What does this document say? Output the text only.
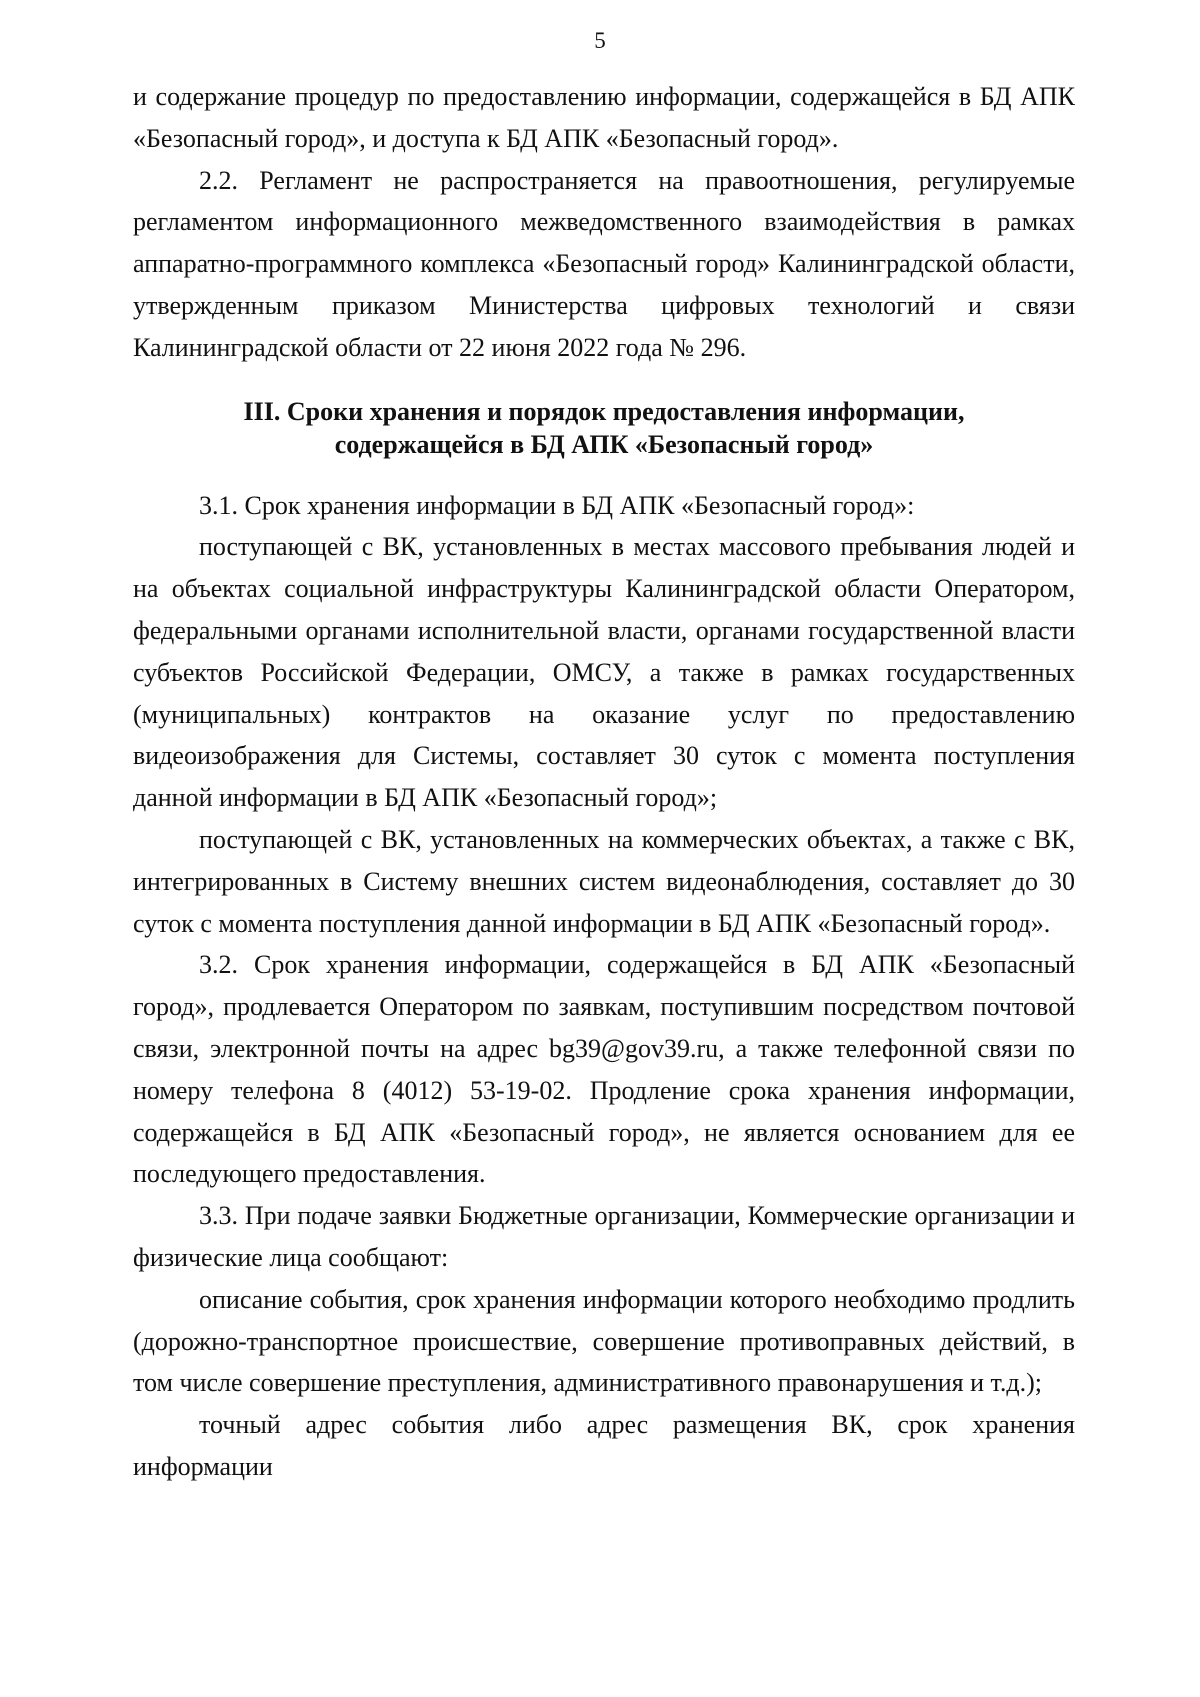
5

и содержание процедур по предоставлению информации, содержащейся в БД АПК «Безопасный город», и доступа к БД АПК «Безопасный город».

2.2. Регламент не распространяется на правоотношения, регулируемые регламентом информационного межведомственного взаимодействия в рамках аппаратно-программного комплекса «Безопасный город» Калининградской области, утвержденным приказом Министерства цифровых технологий и связи Калининградской области от 22 июня 2022 года № 296.

III. Сроки хранения и порядок предоставления информации,
содержащейся в БД АПК «Безопасный город»

3.1. Срок хранения информации в БД АПК «Безопасный город»:

поступающей с ВК, установленных в местах массового пребывания людей и на объектах социальной инфраструктуры Калининградской области Оператором, федеральными органами исполнительной власти, органами государственной власти субъектов Российской Федерации, ОМСУ, а также в рамках государственных (муниципальных) контрактов на оказание услуг по предоставлению видеоизображения для Системы, составляет 30 суток с момента поступления данной информации в БД АПК «Безопасный город»;

поступающей с ВК, установленных на коммерческих объектах, а также с ВК, интегрированных в Систему внешних систем видеонаблюдения, составляет до 30 суток с момента поступления данной информации в БД АПК «Безопасный город».

3.2. Срок хранения информации, содержащейся в БД АПК «Безопасный город», продлевается Оператором по заявкам, поступившим посредством почтовой связи, электронной почты на адрес bg39@gov39.ru, а также телефонной связи по номеру телефона 8 (4012) 53-19-02. Продление срока хранения информации, содержащейся в БД АПК «Безопасный город», не является основанием для ее последующего предоставления.

3.3. При подаче заявки Бюджетные организации, Коммерческие организации и физические лица сообщают:

описание события, срок хранения информации которого необходимо продлить (дорожно-транспортное происшествие, совершение противоправных действий, в том числе совершение преступления, административного правонарушения и т.д.);

точный адрес события либо адрес размещения ВК, срок хранения информации
